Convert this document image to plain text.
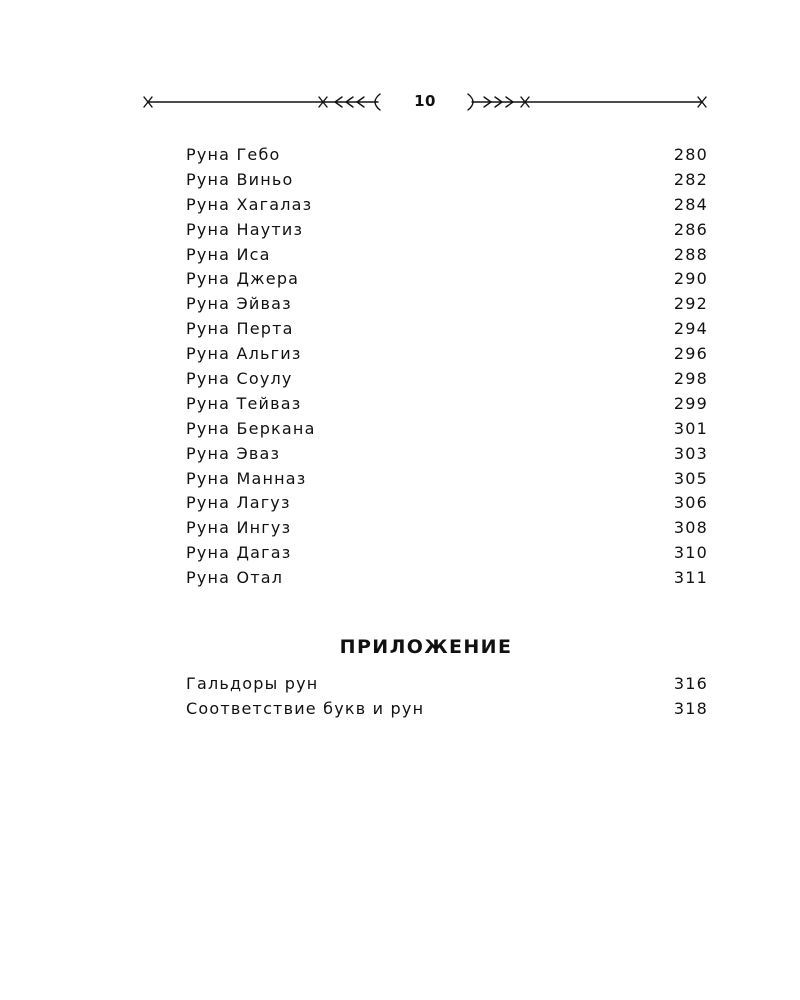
10
Руна Гебо	280
Руна Виньо	282
Руна Хагалаз	284
Руна Наутиз	286
Руна Иса	288
Руна Джера	290
Руна Эйваз	292
Руна Перта	294
Руна Альгиз	296
Руна Соулу	298
Руна Тейваз	299
Руна Беркана	301
Руна Эваз	303
Руна Манназ	305
Руна Лагуз	306
Руна Ингуз	308
Руна Дагаз	310
Руна Отал	311
ПРИЛОЖЕНИЕ
Гальдоры рун	316
Соответствие букв и рун	318
